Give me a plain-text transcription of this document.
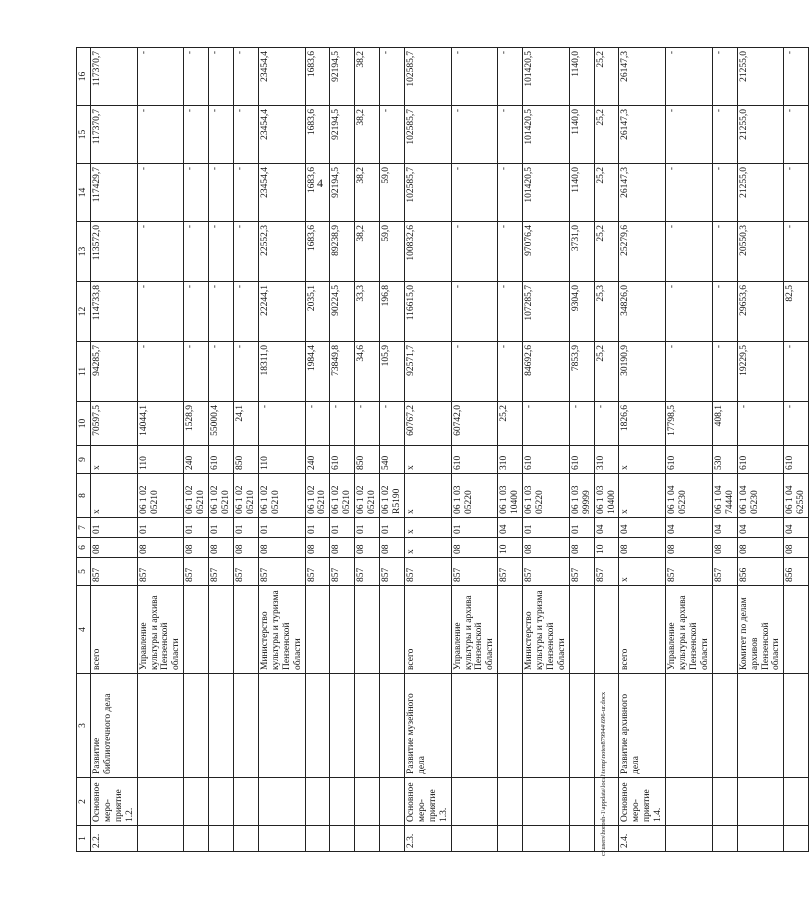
4
1	2	3	4	5	6	7	8	9	10	11	12	13	14	15	16
2.2.	Основное меро-приятие 1.2.	Развитие библиотечного дела	всего	857	08	01	х	х	70597,5	94285,7	114733,8	113572,0	117429,7	117370,7	117370,7
			Управление культуры и архива Пензенской области	857	08	01	06 1 02 05210	110	14044,1	-	-	-	-	-	-
				857	08	01	06 1 02 05210	240	1528,9	-	-	-	-	-	-
				857	08	01	06 1 02 05210	610	55000,4	-	-	-	-	-	-
				857	08	01	06 1 02 05210	850	24,1	-	-	-	-	-	-
			Министерство культуры и туризма Пензенской области	857	08	01	06 1 02 05210	110	-	18311,0	22244,1	22552,3	23454,4	23454,4	23454,4
				857	08	01	06 1 02 05210	240	-	1984,4	2035,1	1683,6	1683,6	1683,6	1683,6
				857	08	01	06 1 02 05210	610	-	73849,8	90224,5	89238,9	92194,5	92194,5	92194,5
				857	08	01	06 1 02 05210	850	-	34,6	33,3	38,2	38,2	38,2	38,2
				857	08	01	06 1 02 R5190	540	-	105,9	196,8	59,0	59,0	-	-
2.3.	Основное меро-приятие 1.3.	Развитие музейного дела	всего	857	х	х	х	х	60767,2	92571,7	116615,0	100832,6	102585,7	102585,7	102585,7
			Управление культуры и архива Пензенской области	857	08	01	06 1 03 05220	610	60742,0	-	-	-	-	-	-
				857	10	04	06 1 03 10400	310	25,2	-	-	-	-	-	-
			Министерство культуры и туризма Пензенской области	857	08	01	06 1 03 05220	610	-	84692,6	107285,7	97076,4	101420,5	101420,5	101420,5
				857	08	01	06 1 03 99999	610	-	7853,9	9304,0	3731,0	1140,0	1140,0	1140,0
				857	10	04	06 1 03 10400	310	-	25,2	25,3	25,2	25,2	25,2	25,2
2.4.	Основное меро-приятие 1.4.	Развитие архивного дела	всего	х	08	04	х	х	1826,6	30190,9	34826,0	25279,6	26147,3	26147,3	26147,3
			Управление культуры и архива Пензенской области	857	08	04	06 1 04 05230	610	17798,5	-	-	-	-	-	-
				857	08	04	06 1 04 74440	530	408,1	-	-	-	-	-	-
			Комитет по делам архивов Пензенской области	856	08	04	06 1 04 05230	610	-	19229,5	29653,6	20550,3	21255,0	21255,0	21255,0
				856	08	04	06 1 04 62550	610	-	-	82,5	-	-	-	-
c:\users\horosh-1\appdata\local\temp\notes879944\696-ur.docx
